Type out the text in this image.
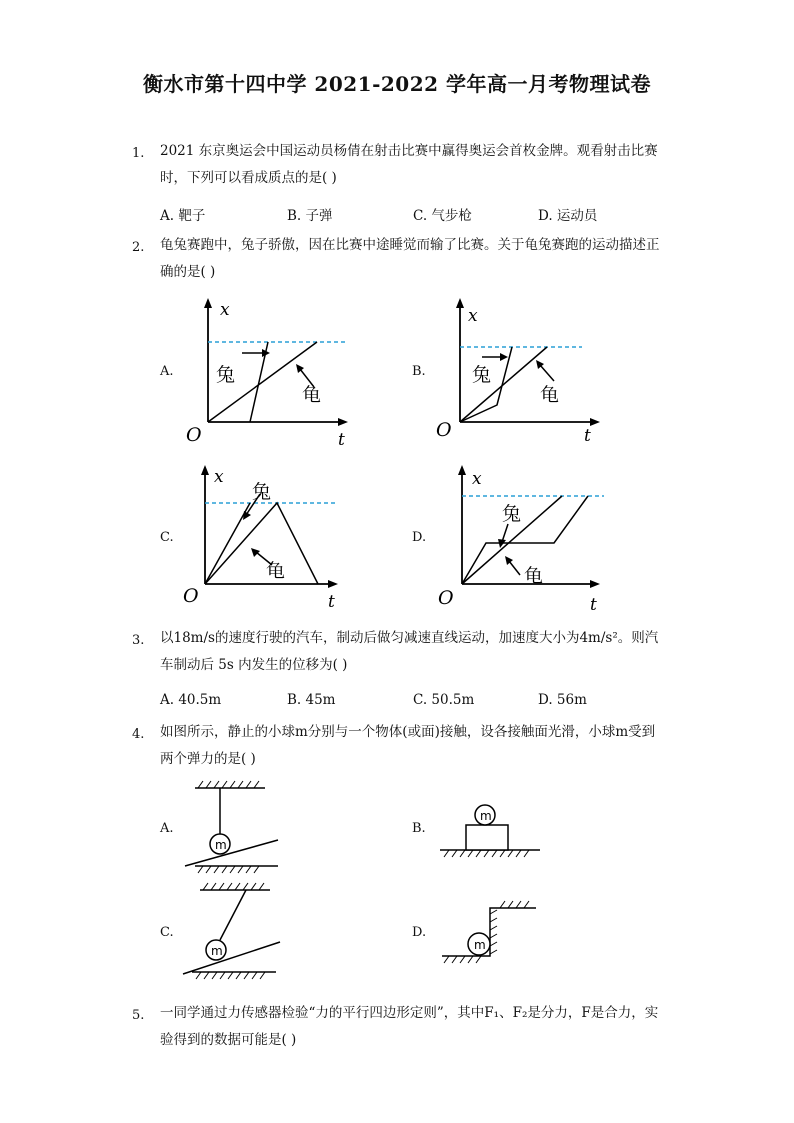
衡水市第十四中学 2021-2022 学年高一月考物理试卷
1. 2021 东京奥运会中国运动员杨倩在射击比赛中赢得奥运会首枚金牌。观看射击比赛时，下列可以看成质点的是( )
A. 靶子	B. 子弹	C. 气步枪	D. 运动员
2. 龟兔赛跑中，兔子骄傲，因在比赛中途睡觉而输了比赛。关于龟兔赛跑的运动描述正确的是( )
A.	B.
C.	D.
x
O	t
兔
龟
x
O	t
兔
龟
x
O	t
兔
龟
x
O	t
兔
龟
3. 以18m/s的速度行驶的汽车，制动后做匀减速直线运动，加速度大小为4m/s²。则汽车制动后 5s 内发生的位移为( )
A. 40.5m	B. 45m	C. 50.5m	D. 56m
4. 如图所示，静止的小球m分别与一个物体(或面)接触，设各接触面光滑，小球m受到两个弹力的是( )
A.	B.
C.	D.
m
m
m	m
5. 一同学通过力传感器检验“力的平行四边形定则”，其中F₁、F₂是分力，F是合力，实验得到的数据可能是( )
